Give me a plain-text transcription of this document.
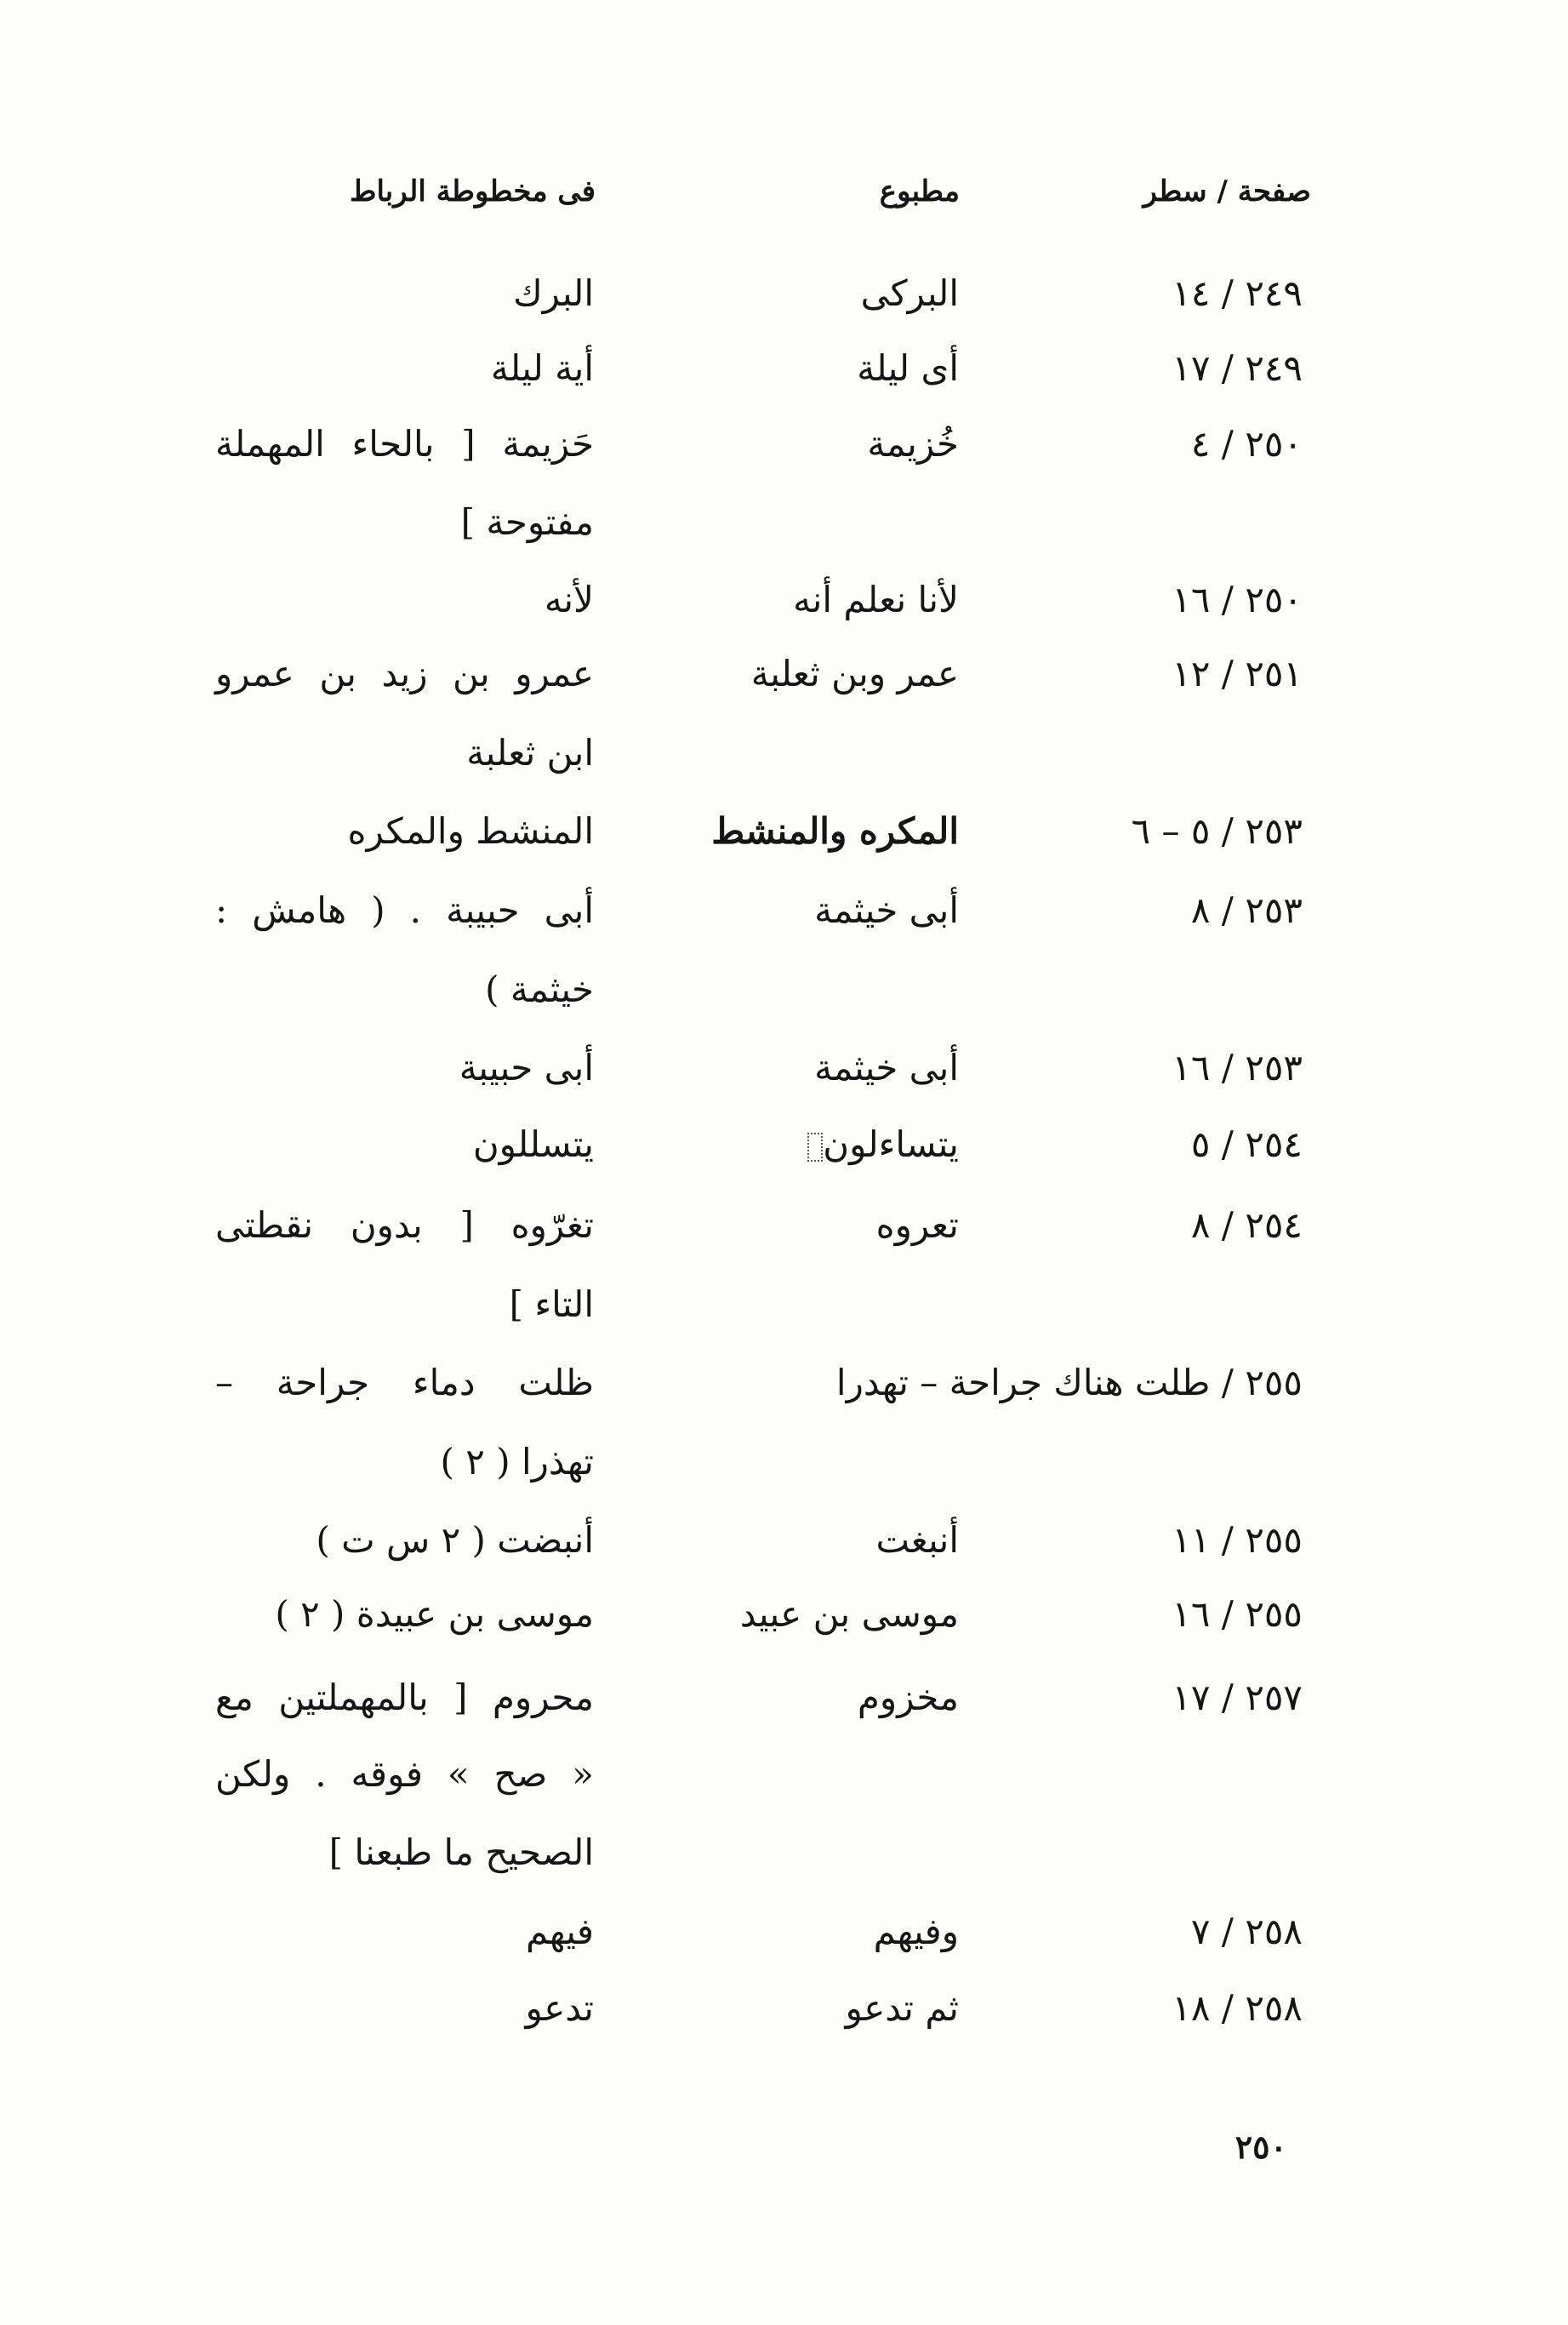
صفحة / سطر
مطبوع
فى مخطوطة الرباط
٢٤٩ / ١٤
البركى
البرك
٢٤٩ / ١٧
أى ليلة
أية ليلة
٢٥٠ / ٤
خُزيمة
حَزيمة [ بالحاء المهملة
مفتوحة ]
٢٥٠ / ١٦
لأنا نعلم أنه
لأنه
٢٥١ / ١٢
عمر وبن ثعلبة
عمرو بن زيد بن عمرو
ابن ثعلبة
٢٥٣ / ٥ – ٦
المكره والمنشط
المنشط والمكره
٢٥٣ / ٨
أبى خيثمة
أبى حبيبة . ( هامش :
خيثمة )
٢٥٣ / ١٦
أبى خيثمة
أبى حبيبة
٢٥٤ / ٥
يتساءلون
يتسللون
٢٥٤ / ٨
تعروه
تغرّوه [ بدون نقطتى
التاء ]
٢٥٥ / طلت هناك جراحة – تهدرا
ظلت دماء جراحة –
تهذرا ( ٢ )
٢٥٥ / ١١
أنبغت
أنبضت ( ٢ س ت )
٢٥٥ / ١٦
موسى بن عبيد
موسى بن عبيدة ( ٢ )
٢٥٧ / ١٧
مخزوم
محروم [ بالمهملتين مع
« صح » فوقه . ولكن
الصحيح ما طبعنا ]
٢٥٨ / ٧
وفيهم
فيهم
٢٥٨ / ١٨
ثم تدعو
تدعو
٢٥٠
